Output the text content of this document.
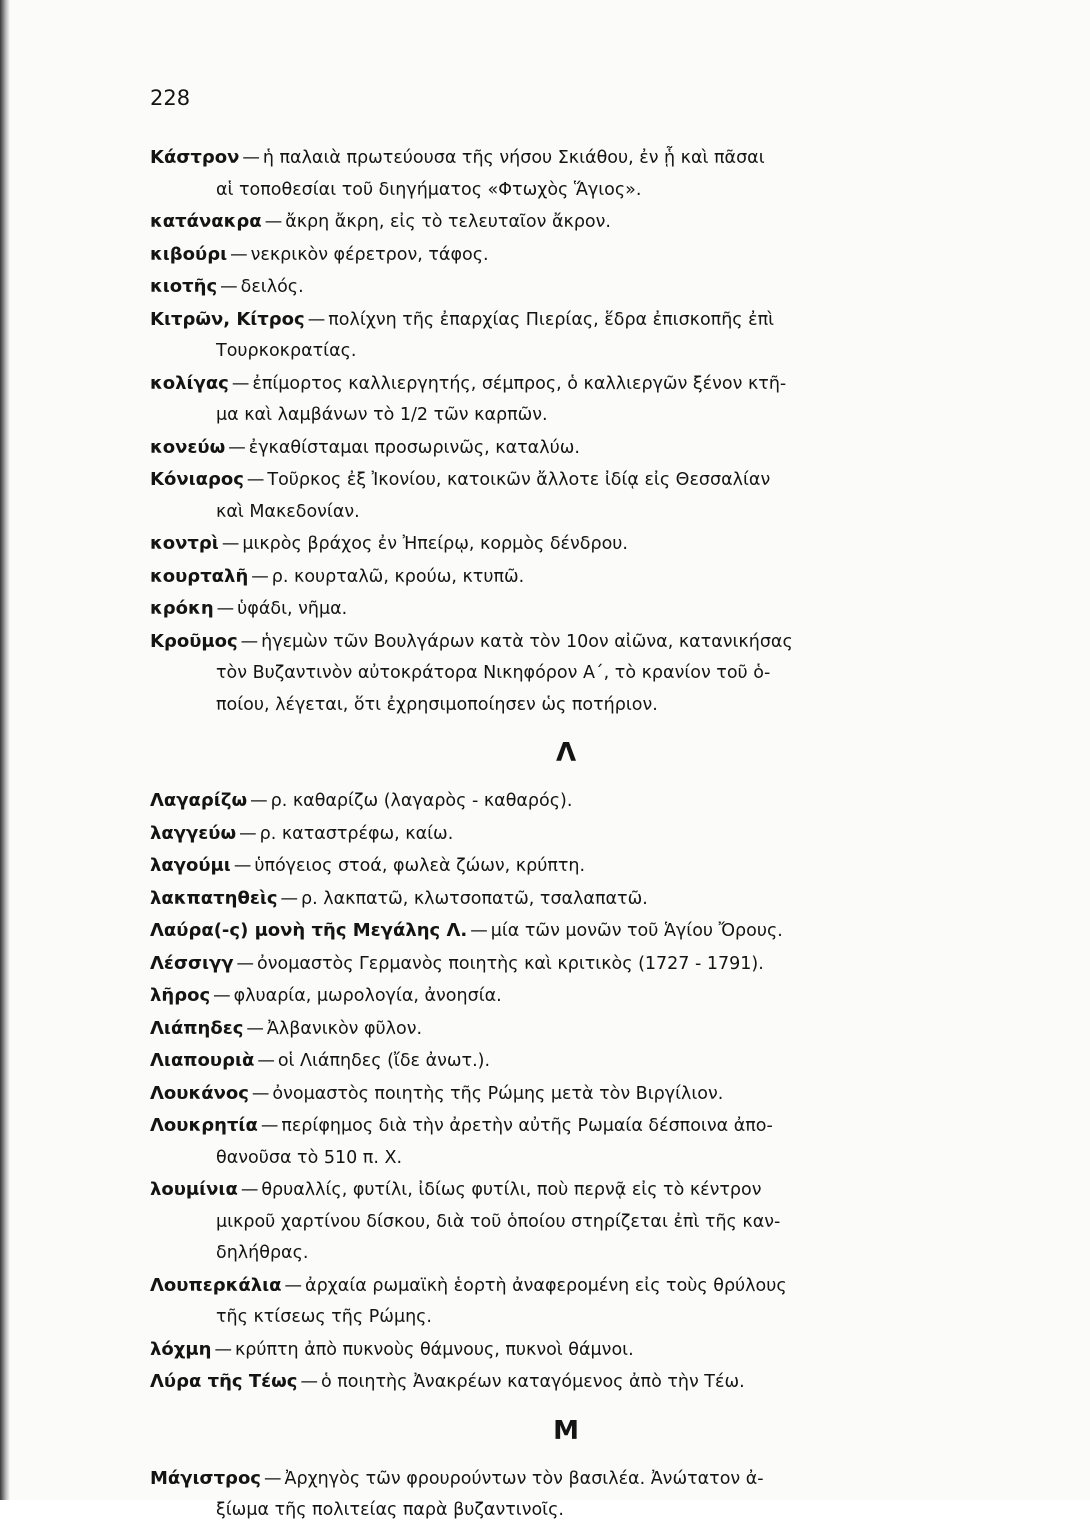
228

Κάστρον — ἡ παλαιὰ πρωτεύουσα τῆς νήσου Σκιάθου, ἐν ᾗ καὶ πᾶσαι
αἱ τοποθεσίαι τοῦ διηγήματος «Φτωχὸς Ἅγιος».

κατάνακρα — ἄκρη ἄκρη, εἰς τὸ τελευταῖον ἄκρον.

κιβούρι — νεκρικὸν φέρετρον, τάφος.

κιοτῆς — δειλός.

Κιτρῶν, Κίτρος — πολίχνη τῆς ἐπαρχίας Πιερίας, ἕδρα ἐπισκοπῆς ἐπὶ
Τουρκοκρατίας.

κολίγας — ἐπίμορτος καλλιεργητής, σέμπρος, ὁ καλλιεργῶν ξένον κτῆ-
μα καὶ λαμβάνων τὸ 1/2 τῶν καρπῶν.

κονεύω — ἐγκαθίσταμαι προσωρινῶς, καταλύω.

Κόνιαρος — Τοῦρκος ἐξ Ἰκονίου, κατοικῶν ἄλλοτε ἰδίᾳ εἰς Θεσσαλίαν
καὶ Μακεδονίαν.

κοντρὶ — μικρὸς βράχος ἐν Ἠπείρῳ, κορμὸς δένδρου.

κουρταλῆ — ρ. κουρταλῶ, κρούω, κτυπῶ.

κρόκη — ὑφάδι, νῆμα.

Κροῦμος — ἡγεμὼν τῶν Βουλγάρων κατὰ τὸν 10ον αἰῶνα, κατανικήσας
τὸν Βυζαντινὸν αὐτοκράτορα Νικηφόρον Α΄, τὸ κρανίον τοῦ ὁ-
ποίου, λέγεται, ὅτι ἐχρησιμοποίησεν ὡς ποτήριον.

Λ

Λαγαρίζω — ρ. καθαρίζω (λαγαρὸς - καθαρός).

λαγγεύω — ρ. καταστρέφω, καίω.

λαγούμι — ὑπόγειος στοά, φωλεὰ ζώων, κρύπτη.

λακπατηθεὶς — ρ. λακπατῶ, κλωτσοπατῶ, τσαλαπατῶ.

Λαύρα(-ς) μονὴ τῆς Μεγάλης Λ. — μία τῶν μονῶν τοῦ Ἁγίου Ὄρους.

Λέσσιγγ — ὀνομαστὸς Γερμανὸς ποιητὴς καὶ κριτικὸς (1727 - 1791).

λῆρος — φλυαρία, μωρολογία, ἀνοησία.

Λιάπηδες — Ἀλβανικὸν φῦλον.

Λιαπουριὰ — οἱ Λιάπηδες (ἴδε ἀνωτ.).

Λουκάνος — ὀνομαστὸς ποιητὴς τῆς Ρώμης μετὰ τὸν Βιργίλιον.

Λουκρητία — περίφημος διὰ τὴν ἀρετὴν αὐτῆς Ρωμαία δέσποινα ἀπο-
θανοῦσα τὸ 510 π. Χ.

λουμίνια — θρυαλλίς, φυτίλι, ἰδίως φυτίλι, ποὺ περνᾷ εἰς τὸ κέντρον
μικροῦ χαρτίνου δίσκου, διὰ τοῦ ὁποίου στηρίζεται ἐπὶ τῆς καν-
δηλήθρας.

Λουπερκάλια — ἀρχαία ρωμαϊκὴ ἑορτὴ ἀναφερομένη εἰς τοὺς θρύλους
τῆς κτίσεως τῆς Ρώμης.

λόχμη — κρύπτη ἀπὸ πυκνοὺς θάμνους, πυκνοὶ θάμνοι.

Λύρα τῆς Τέως — ὁ ποιητὴς Ἀνακρέων καταγόμενος ἀπὸ τὴν Τέω.

Μ

Μάγιστρος — Ἀρχηγὸς τῶν φρουρούντων τὸν βασιλέα. Ἀνώτατον ἀ-
ξίωμα τῆς πολιτείας παρὰ βυζαντινοῖς.
